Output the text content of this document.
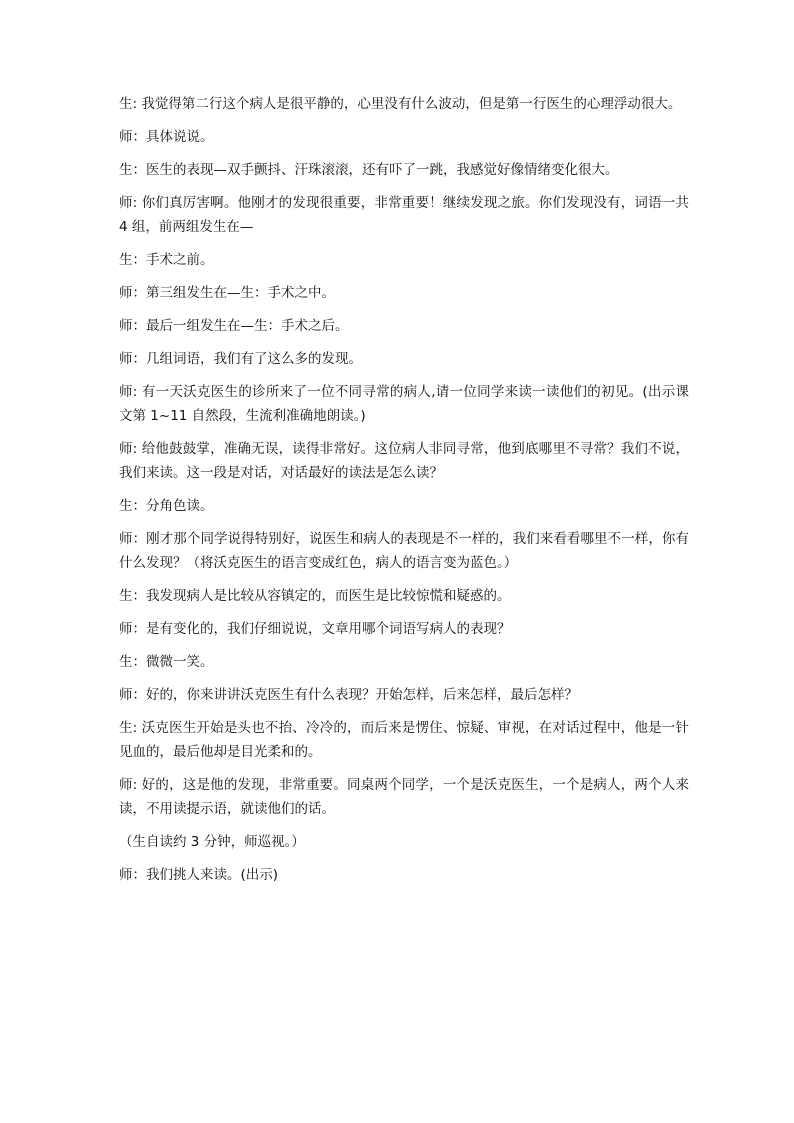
生: 我觉得第二行这个病人是很平静的，心里没有什么波动，但是第一行医生的心理浮动很大。

师：具体说说。

生：医生的表现—双手颤抖、汗珠滚滚，还有吓了一跳，我感觉好像情绪变化很大。

师: 你们真厉害啊。他刚才的发现很重要，非常重要！继续发现之旅。你们发现没有，词语一共 4 组，前两组发生在—

生：手术之前。

师：第三组发生在—生：手术之中。

师：最后一组发生在—生：手术之后。

师：几组词语，我们有了这么多的发现。

师: 有一天沃克医生的诊所来了一位不同寻常的病人,请一位同学来读一读他们的初见。(出示课文第 1~11 自然段，生流利准确地朗读。)

师: 给他鼓鼓掌，准确无误，读得非常好。这位病人非同寻常，他到底哪里不寻常？我们不说，我们来读。这一段是对话，对话最好的读法是怎么读？

生：分角色读。

师：刚才那个同学说得特别好，说医生和病人的表现是不一样的，我们来看看哪里不一样，你有什么发现？（将沃克医生的语言变成红色，病人的语言变为蓝色。）

生：我发现病人是比较从容镇定的，而医生是比较惊慌和疑惑的。

师：是有变化的，我们仔细说说，文章用哪个词语写病人的表现？

生：微微一笑。

师：好的，你来讲讲沃克医生有什么表现？开始怎样，后来怎样，最后怎样？

生: 沃克医生开始是头也不抬、冷冷的，而后来是愣住、惊疑、审视，在对话过程中，他是一针见血的，最后他却是目光柔和的。

师: 好的，这是他的发现，非常重要。同桌两个同学，一个是沃克医生，一个是病人，两个人来读，不用读提示语，就读他们的话。

（生自读约 3 分钟，师巡视。）

师：我们挑人来读。(出示)
